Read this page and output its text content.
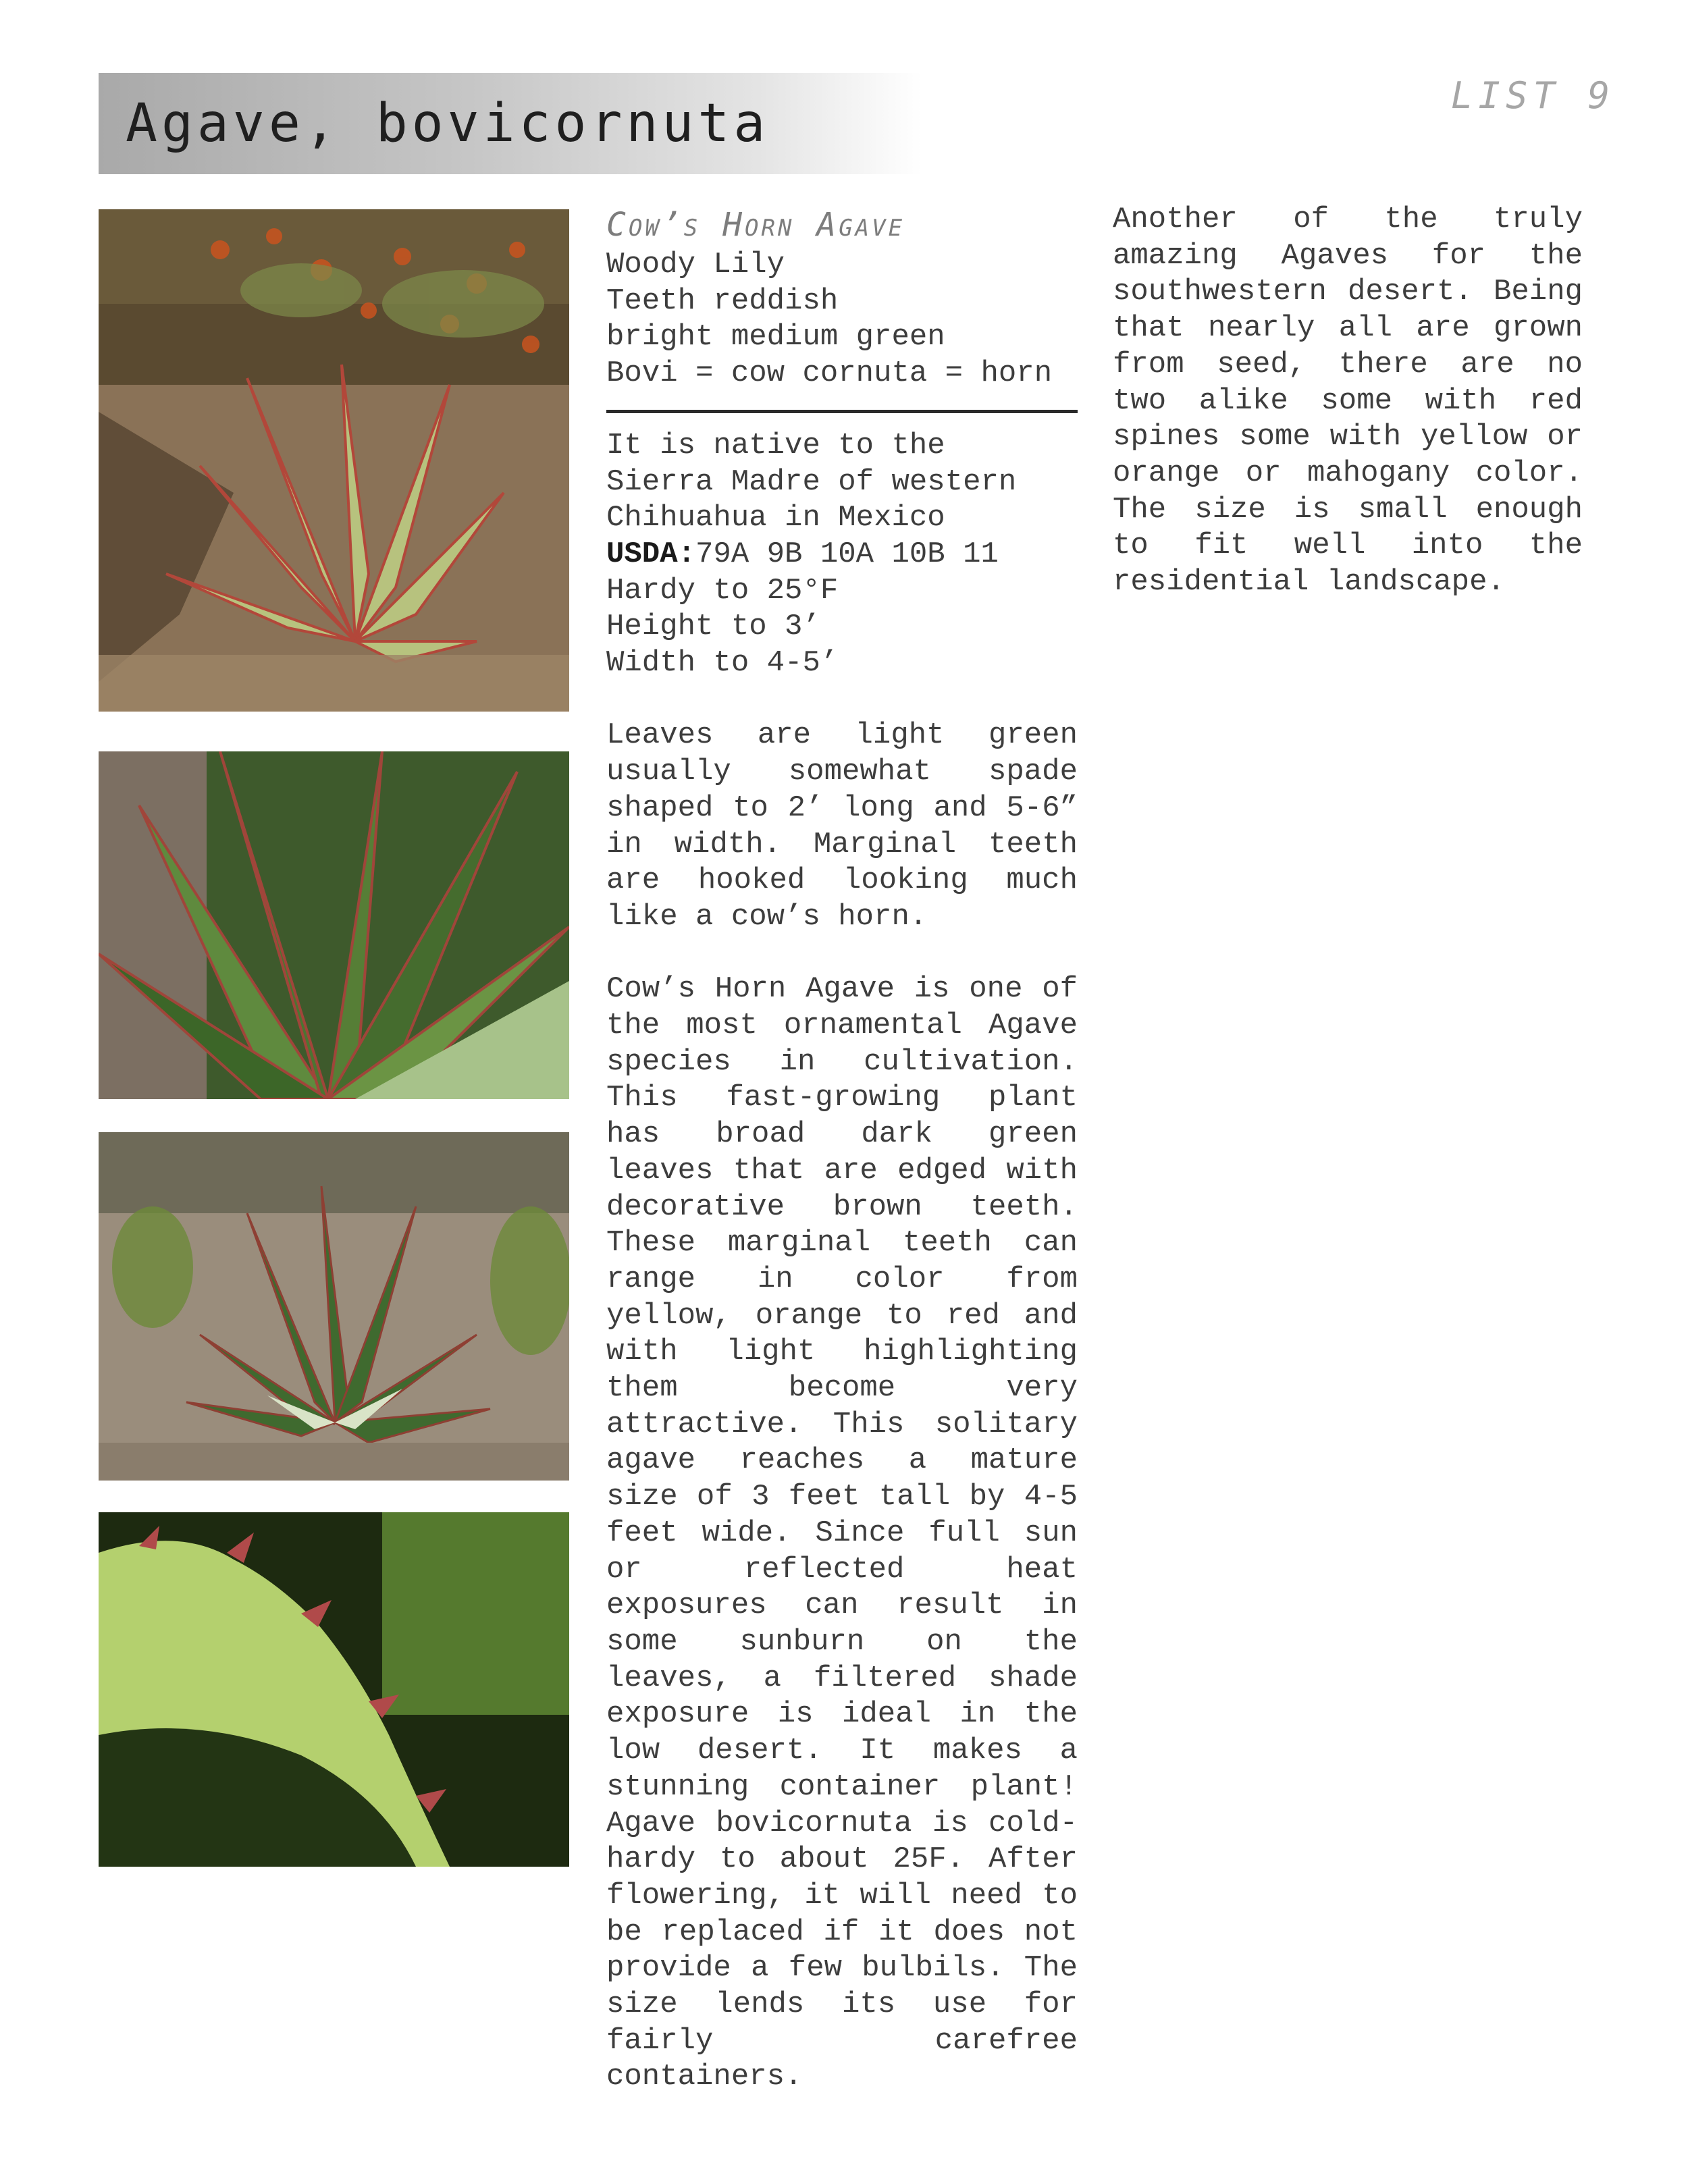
Agave, bovicornuta	LIST 9
Cow’s Horn Agave
Woody Lily
Teeth reddish
bright medium green
Bovi = cow cornuta = horn
It is native to the
Sierra Madre of western
Chihuahua in Mexico
USDA:79A 9B 10A 10B 11
Hardy to 25°F
Height to 3’
Width to 4-5’
Leaves are light green usually somewhat spade shaped to 2’ long and 5-6” in width. Marginal teeth are hooked looking much like a cow’s horn.
Cow’s Horn Agave is one of the most ornamental Agave species in cultivation. This fast-growing plant has broad dark green leaves that are edged with decorative brown teeth. These marginal teeth can range in color from yellow, orange to red and with light highlighting them become very attractive. This solitary agave reaches a mature size of 3 feet tall by 4-5 feet wide. Since full sun or reflected heat exposures can result in some sunburn on the leaves, a filtered shade exposure is ideal in the low desert. It makes a stunning container plant! Agave bovicornuta is cold-hardy to about 25F. After flowering, it will need to be replaced if it does not provide a few bulbils. The size lends its use for fairly carefree containers.
Another of the truly amazing Agaves for the southwestern desert. Being that nearly all are grown from seed, there are no two alike some with red spines some with yellow or orange or mahogany color. The size is small enough to fit well into the residential landscape.
